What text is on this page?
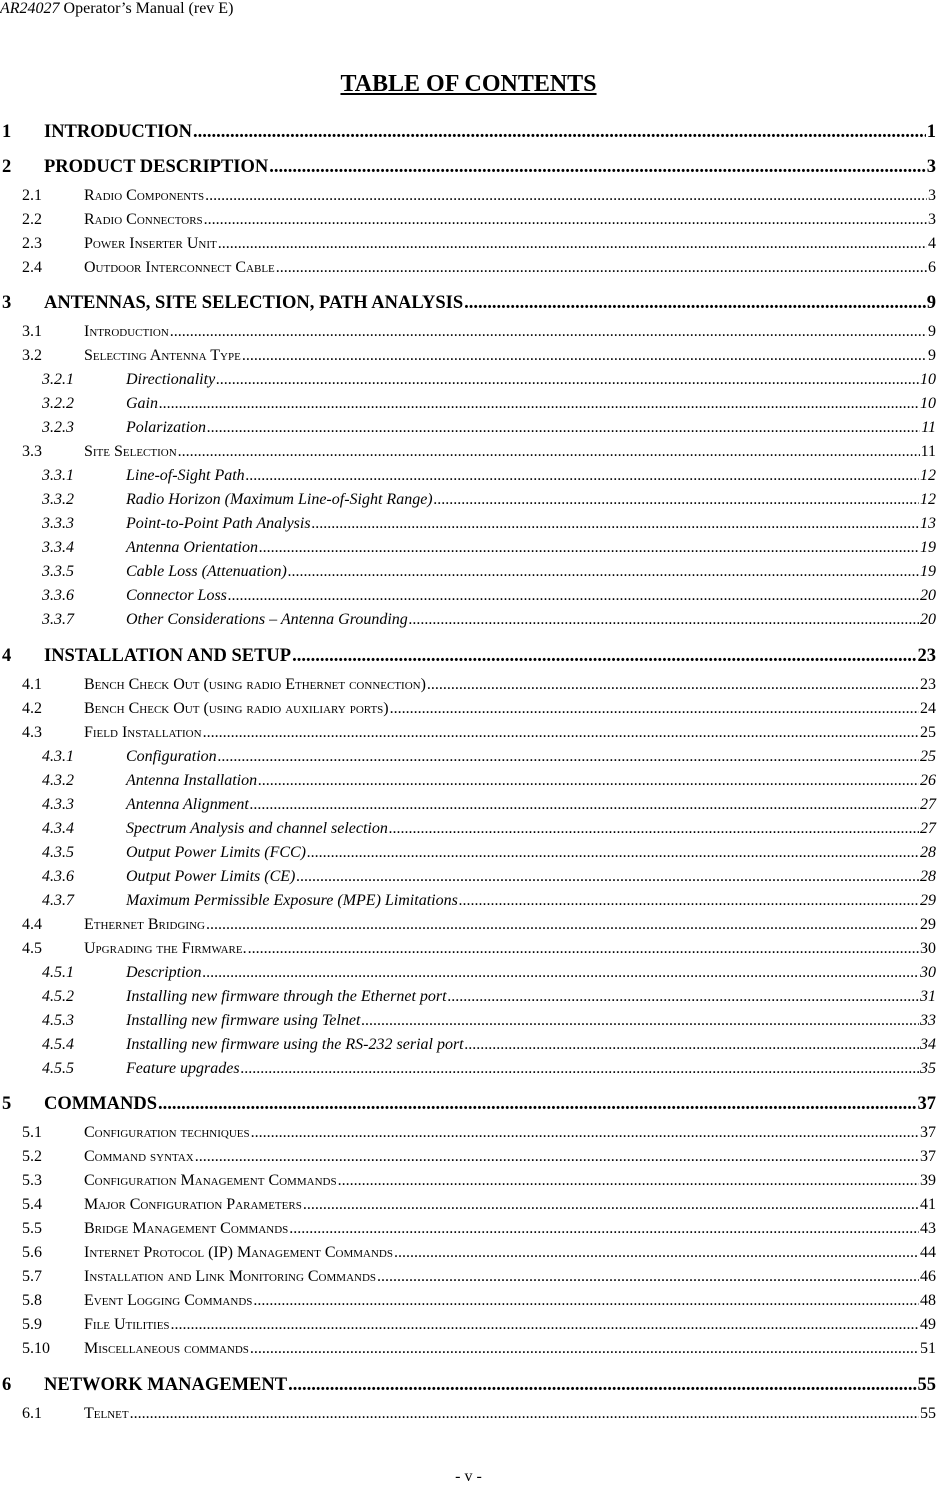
AR24027 Operator’s Manual (rev E)
TABLE OF CONTENTS
1	INTRODUCTION .....	1
2	PRODUCT DESCRIPTION .....	3
2.1	Radio Components .....	3
2.2	Radio Connectors .....	3
2.3	Power Inserter Unit .....	4
2.4	Outdoor Interconnect Cable .....	6
3	ANTENNAS, SITE SELECTION, PATH ANALYSIS .....	9
3.1	Introduction .....	9
3.2	Selecting Antenna Type .....	9
3.2.1	Directionality .....	10
3.2.2	Gain .....	10
3.2.3	Polarization .....	11
3.3	Site Selection .....	11
3.3.1	Line-of-Sight Path .....	12
3.3.2	Radio Horizon (Maximum Line-of-Sight Range) .....	12
3.3.3	Point-to-Point Path Analysis .....	13
3.3.4	Antenna Orientation .....	19
3.3.5	Cable Loss (Attenuation) .....	19
3.3.6	Connector Loss .....	20
3.3.7	Other Considerations – Antenna Grounding .....	20
4	INSTALLATION AND SETUP .....	23
4.1	Bench Check Out (using radio Ethernet connection) .....	23
4.2	Bench Check Out (using radio auxiliary ports) .....	24
4.3	Field Installation .....	25
4.3.1	Configuration .....	25
4.3.2	Antenna Installation .....	26
4.3.3	Antenna Alignment .....	27
4.3.4	Spectrum Analysis and channel selection .....	27
4.3.5	Output Power Limits (FCC) .....	28
4.3.6	Output Power Limits (CE) .....	28
4.3.7	Maximum Permissible Exposure (MPE) Limitations .....	29
4.4	Ethernet Bridging .....	29
4.5	Upgrading the Firmware. .....	30
4.5.1	Description .....	30
4.5.2	Installing new firmware through the Ethernet port .....	31
4.5.3	Installing new firmware using Telnet .....	33
4.5.4	Installing new firmware using the RS-232 serial port .....	34
4.5.5	Feature upgrades .....	35
5	COMMANDS .....	37
5.1	Configuration techniques .....	37
5.2	Command syntax .....	37
5.3	Configuration Management Commands .....	39
5.4	Major Configuration Parameters .....	41
5.5	Bridge Management Commands .....	43
5.6	Internet Protocol (IP) Management Commands .....	44
5.7	Installation and Link Monitoring Commands .....	46
5.8	Event Logging Commands .....	48
5.9	File Utilities .....	49
5.10	Miscellaneous commands .....	51
6	NETWORK MANAGEMENT .....	55
6.1	Telnet .....	55
- v -
